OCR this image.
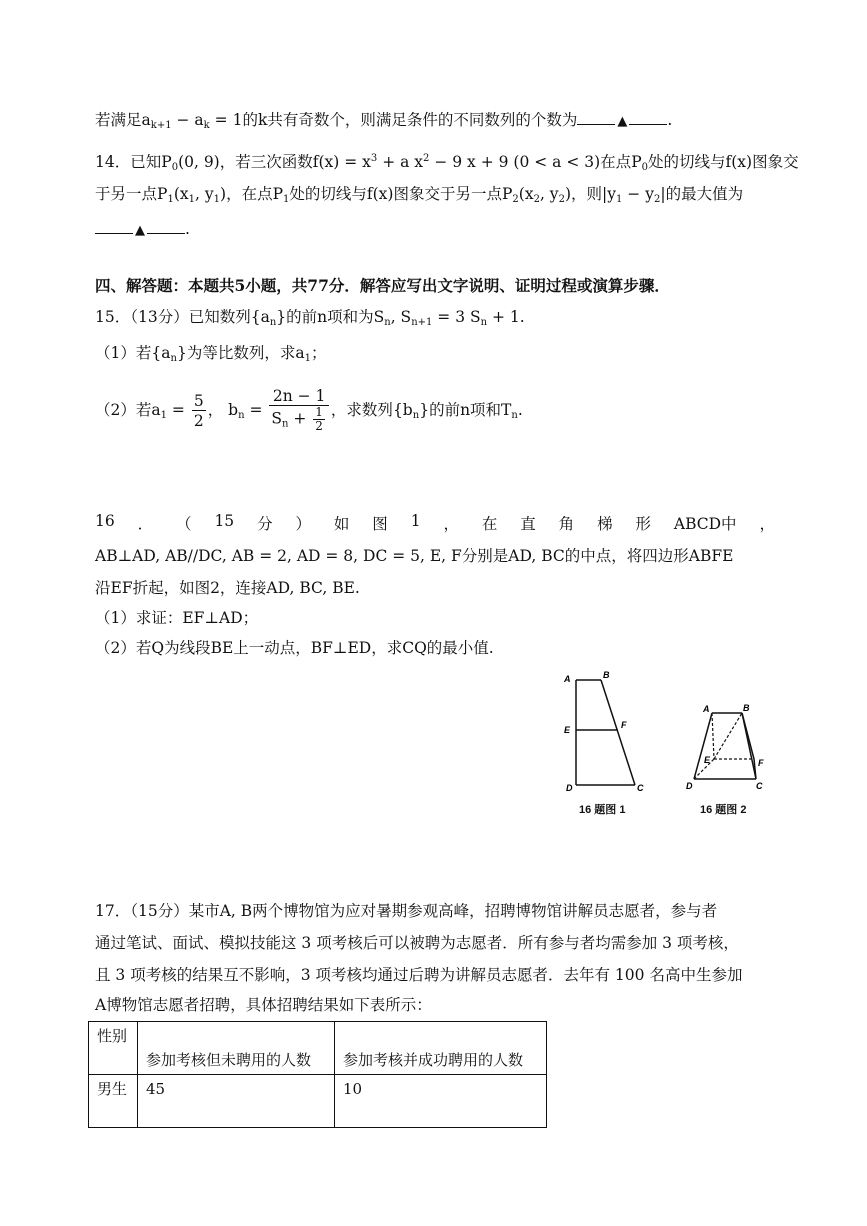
若满足$a_{k+1} - a_k = 1$的k共有奇数个，则满足条件的不同数列的个数为	▲	.
14．已知$P_0(0$, 9)，若三次函数$f(x) = x^3 + a$ $x^2 - 9$ x + 9 (0 < a < 3)在点$P_0$处的切线与f(x)图象交
于另一点$P_1(x_1$, $y_1$)，在点$P_1$处的切线与f(x)图象交于另一点$P_2(x_2$, $y_2$)，则$|y_1 - y_2|$的最大值为
▲	.
四、解答题：本题共5小题，共77分．解答应写出文字说明、证明过程或演算步骤．
15．（13分）已知数列$\{a_n\}$的前n项和为$S_n$, $S_{n+1} = 3$ $S_n + 1$.
（1）若$\{a_n\}$为等比数列，求$a_1$；
（2）若$a_1 = \frac{5}{2}$ ， $b_n = \frac{2n - 1}{S_n + \frac{1}{2}}$ ，求数列$\{b_n\}$的前n项和$T_n$.
16 ． （ 15 分 ） 如 图 1 ， 在 直 角 梯 形 ABCD中 ，
AB⊥AD, AB//DC, AB = 2, AD = 8, DC = 5, E, F分别是AD, BC的中点，将四边形ABFE
沿EF折起，如图2，连接AD, BC, BE.
（1）求证：EF⊥AD；
（2）若Q为线段BE上一动点，BF⊥ED，求CQ的最小值.
A	B
E	F
D	C
16 题图 1
A	B
E	F
D	C
16 题图 2
17．（15分）某市A, B两个博物馆为应对暑期参观高峰，招聘博物馆讲解员志愿者，参与者
通过笔试、面试、模拟技能这 3 项考核后可以被聘为志愿者．所有参与者均需参加 3 项考核，
且 3 项考核的结果互不影响，3 项考核均通过后聘为讲解员志愿者．去年有 100 名高中生参加
A博物馆志愿者招聘，具体招聘结果如下表所示：
性别	参加考核但未聘用的人数	参加考核并成功聘用的人数

男生	45	10
